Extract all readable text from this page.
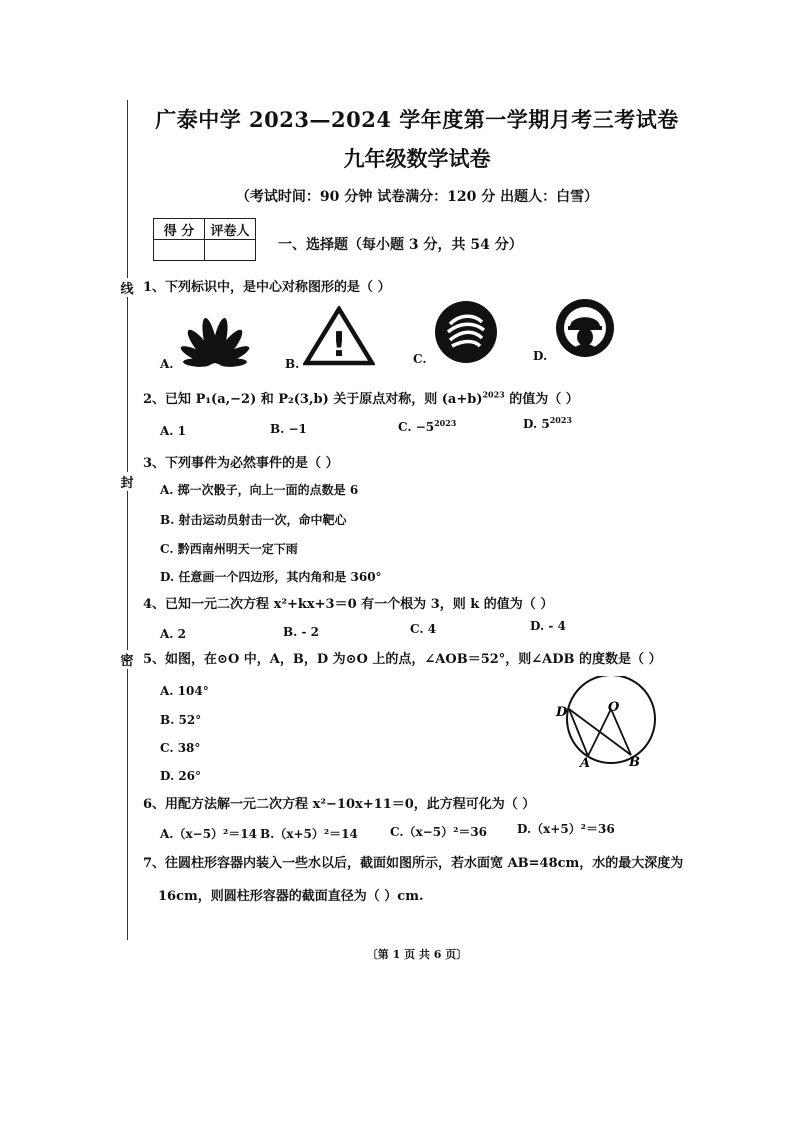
线
封
密
广泰中学 2023—2024 学年度第一学期月考三考试卷
九年级数学试卷
（考试时间：90 分钟 试卷满分：120 分 出题人：白雪）
得 分	评卷人

一、选择题（每小题 3 分，共 54 分）
1、下列标识中，是中心对称图形的是（ ）
A.	B. !	C.	D.
2、已知 P₁(a,−2) 和 P₂(3,b) 关于原点对称，则 $(a+b)^{2023}$ 的值为（ ）
A. 1	B. −1	C. $-5^{2023}$	D. $5^{2023}$
3、下列事件为必然事件的是（ ）
A. 掷一次骰子，向上一面的点数是 6
B. 射击运动员射击一次，命中靶心
C. 黔西南州明天一定下雨
D. 任意画一个四边形，其内角和是 360°
4、已知一元二次方程 x²+kx+3＝0 有一个根为 3，则 k 的值为（ ）
A. 2	B. - 2	C. 4	D. - 4
5、如图，在⊙O 中，A，B，D 为⊙O 上的点，∠AOB＝52°，则∠ADB 的度数是（ ）
A. 104°
B. 52°
C. 38°
D. 26°
D	O
A	B
6、用配方法解一元二次方程 x²−10x+11＝0，此方程可化为（ ）
A.（x−5）²＝14 B.（x+5）²＝14	C.（x−5）²＝36 D.（x+5）²＝36
7、往圆柱形容器内装入一些水以后，截面如图所示，若水面宽 AB=48cm，水的最大深度为
16cm，则圆柱形容器的截面直径为（ ）cm.
〔第 1 页 共 6 页〕
